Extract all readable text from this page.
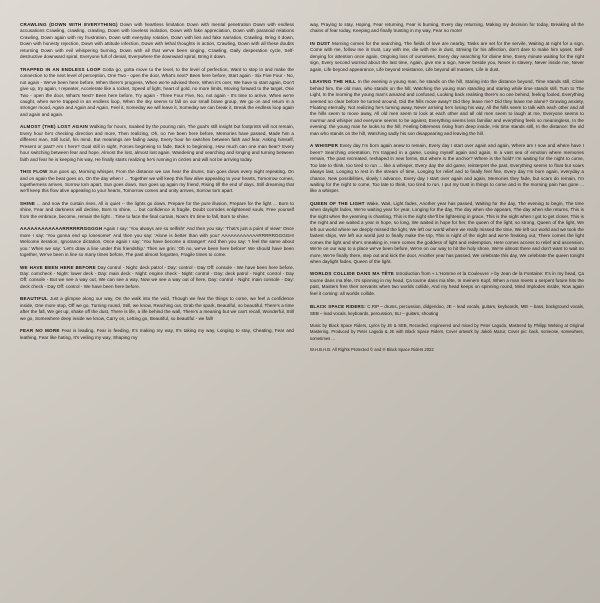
CRAWLING (DOWN WITH EVERYTHING) Down with heartless limitation Down with mental penetration Down with endless accusations Crawling, crawling, crawling, Down with loveless isolation, Down with fake appreciation, Down with paranoid relations Crawling, Down again with my frustration, Down with everyday rotation, Down with lies and fake narration, Crawling. Bring it down, Down with honesty rejection, Down with attitude infection, Down with lethal thoughts in action, Crawling, Down with all these doubts returning Down with evil whispering burning, Down with all that we've been singing, Crawling, Daily desperation cycle, Self-destructive downward spiral, Everyone full of denial, Everywhere the downward spiral, Bring it down.

TRAPPED IN AN ENDLESS LOOP Gotta go, gotta move to the level, to the level of perfection, Want to step in and make the connection to the next level of perception, One Two - open the door, What's next? Been here before, Start again - Six Five Four - No, not again - We've been here before, When there's progress, When we're advised there, When it's over, We have to start again, Don't give up, try again, I repeater, Accelerate like a rocket, Speed of light, heart of gold, no more limits, Moving forward to the target, One Two - open the door, What's Next? Been here before, Try again - Three Four Five, No, not again - It's time to arrive, When we're caught, when we're trapped in an endless loop, When the sky seems to fall on our small brave group, We go on and return in a stronger mood, Again and Again and Again, Feel it, Someday we will leave it, Someday we can break it, Break the endless loop again and again and again.

ALMOST (THE) LOST AGAIN Walking for hours, Soaked by the pouring rain, The goal's still insight but footprints will not remain, Every hour he's checking direction and more, Then realizing, Oh, no I've been here before, Memories have passed, Made him a different man, Still lucid, his mind, But meanings are fading away, Every hour he switches between faith and fear, Asking himself, Present or past? Am I here? Goal still in sight, Forces beginning to fade, Back to beginning, How much can one man bear? Every hour switching between fear and hope, Almost the lost, almost lost again, Wandering and searching and longing and turning between faith and fear he is keeping his way, He finally starts realizing he's running in circles and will not be arriving today.

THIS FLOW Sun goes up, Morning whisper, From the distance we can hear the drums, Sun goes down every night repeating, On and on again the beat goes on, On the day when I ... Together we will keep this flow alive appealing to your hearts, Tomorrow comes, togetherness arrives, Sorrow torn apart, Sun goes down, Sun goes up again my friend, Rising till the end of days, Still dreaming that we'll keep this flow alive appealing to your hearts, Tomorrow comes and unity arrives, Sorrow torn apart.

SHINE ... and now the curtain rises, All is quiet -- the lights go down, Prepare for the pure illusion, Prepare for the light ... Born to shine, Fear and darkness will decline, Born to shine, ... but confidence is fragile, Doubt corrodes enlightened souls, Free yourself from the embrace, become, remain the light .. Time to face the final curtain, Now's it's time to fall, Born to shine.

AAAAAAAAAAAARRRRRRGGGGH Again I say: 'You always are so selfish!' And then you say: 'That's just a point of view!' Once more I say: 'You gonna end up lonesome!' And then you say: 'Alone is better than with you!' AAAAAAAAAAAARRRRRGGGGH! Welcome iteration, Ignorance dictation, Once again I say: 'You have become a stranger!' And then you say: 'I feel the same about you.' When we say: 'Let's draw a line under this friendship.' Then we grin: 'Oh no, we've been here before!' We should have been together, We've been in line so many times before, The past almost forgotten, Fragile times to come.

WE HAVE BEEN HERE BEFORE Day control - Night: deck patrol - Day: control - Day Off: console - We have been here before, Day: comcheck - Night: lower deck - Day: main deck - Night: engine check - Night: control - Day: deck patrol - Night: control - Day Off: console - But we see a way out, We can see a way, Now we see a way out of here, Day: control - Night: main console - Day: deck check - Day Off: control - We have been here before.

BEAUTIFUL Just a glimpse along our way, On the walk into the void, Though we fear the things to come, we feel a confidence inside, One more stop, Off we go, Turning round, Still, we know, Reaching out, Grab the spark, Beautiful, so beautiful, There's a time after the fall, We get up, shake off the dust, There is life, a life behind the wall, There's a meaning but we can't recall, Wonderful, Still we go, Somewhere deep inside we know, Carry on, Letting go, Beautiful, so beautiful - we fall!

FEAR NO MORE Fear is leading, Fear is feeding, It's making my way, It's taking my way, Longing to stay, Cheating, Fear and leathing, Fear like hating, It's veiling my way, Shaping my

way, Praying to stay, Hoping, Fear returning, Fear is burning, Every day returning, Making my decision for today, Breaking all the chains of fear today, Keeping and finally trusting in my way, Fear no more!

IN DUST Morning comes for the searching, The fields of love are nearby, Tasks are set for the servile, Waiting at night for a sign, Come with me, follow me in trust, Lay with me, die with me in dust, Striving for his affection, don't dare to make him upset, Self-denying for attention once again, Ongoing loss of ourselves, Every day searching for divine time, Every minute waiting for the right sign, Every second worried about the last time, Again, give me a sign, Never beside you, Never in slavery, Never inside me, Never again, Life beyond appearance, Life beyond resistance, Life beyond all masters, Life in dust.

LEAVING THE HILL In the evening a young man, he stands on the hill, Staring into the distance beyond, Time stands still, Close behind him, the old man, who stands on the hill, Watching the young man standing and staring while time stands still, Turn to The Light, In the morning the young man's amazed and confused, Looking back realising there's no one behind, feeling fooled, Everything seemed so clear before he turned around, Did the hills move away? Did they leave me? Did they leave me alone? Growing anxiety, Floating eternally, Not realizing he's turning away, Never arriving he's losing his way, All the hills seem to talk with each other and all the hills seem to move away, All old men seem to look at each other and all old men seem to laugh at me, Everyone seems to murmur and whisper and everyone seems to be against, Everything seems less familiar and everything feels so meaningless, In the evening: the young man he looks to the hill, Feeling bitterness rising from deep inside, His time stands still, In the distance: the old man who stands on the hill, Watching sadly his son disappearing and leaving the hill.

A WHISPER Every day I'm born again anew to remain, Every day I start over again and again, Where am I now and where have I been? Searching orientation, I'm trapped in a game, Losing myself again and again, In a vast sea of emotion where memories remain, The past recreated, reshaped in new forms, But where is the anchor? Where is the hold? I'm waiting for the night to come, Too late to think, too tired to run ... like a whisper, Every day the old game, reinterpret the past, Everything seems to float but soars always last, Longing to rest in the stream of time, Longing for relief and to finally feel fine, Every day I'm born again, everyday a chance, New possibilities, slowly I advance, Every day I start over again and again, Memories they fade, but scars do remain, I'm waiting for the night to come, Too late to think, too tired to run, I put my trust in things to come and in the morning pain has gone ... like a whisper.

QUEEN OF THE LIGHT Wake, Wait, Light fades, Another year has passed, Waiting for the day, The evening to begin, The time when daylight fades, We're waiting year for year, Longing for the day, The day when she appears, The day when she returns, This is the night when the yearning is chanting, This is the night she'll be lightening in grace, This is the night when I got to get closer, This is the night and we waited a year in hope, so long, We waited in hope for her, the queen of the light, so strong, Queen of the light, We left our world where we deeply missed the light, We left our world where we really missed the time, We left our world and we took the fastest ships, We left our world just to finally make the trip, This is night of the night and we're freaking out, There comes the light comes the light and she's sneaking in, Here comes the goddess of light and redemption, Here comes access to relief and ascension, We're on our way to a place we've been before, We're on our way to hit the holy shore, We're almost there and don't want to wait no more, We're finally there, step out and kick the door, Another year has passed, We celebrate this day, We celebrate the queen tonight when daylight fades, Queen of the light.

WORLDS COLLIDE DANS MA TÊTE Introduction from « L'Homme et la Couleuvre » by Jean de la Fontaine: It's in my head, Ça tourne dans ma tête, It's spinning in my head, Ça tourne dans ma tête, In meinem Kopf, When a man meets a serpent future hits the past, Masters free their servants when two worlds collide, And my head keeps on spinning round, Mind implodes inside, Now again feel it coming: all worlds collide.

BLACK SPACE RIDERS: C.RIP – drums, percussion, didgeridoo, JE – lead vocals, guitars, keyboards, ME! – bass, background vocals, SEB – lead vocals, keyboards, percussion, SLI – guitars, shouting

Music by Black Space Riders, Lyrics by JE & SEB, Recorded, engineered and mixed by Peter Lagoda, Mastered by Philipp Welsing at Original Mastering, Produced by Peter Lagoda & JE with Black Space Riders, Cover artwork by Jakob Mazur, Cover pic: back, someone, somewhere, sometimes ...

W.H.B.H.B. All Rights Protected © and ℗ Black Space Riders 2022
